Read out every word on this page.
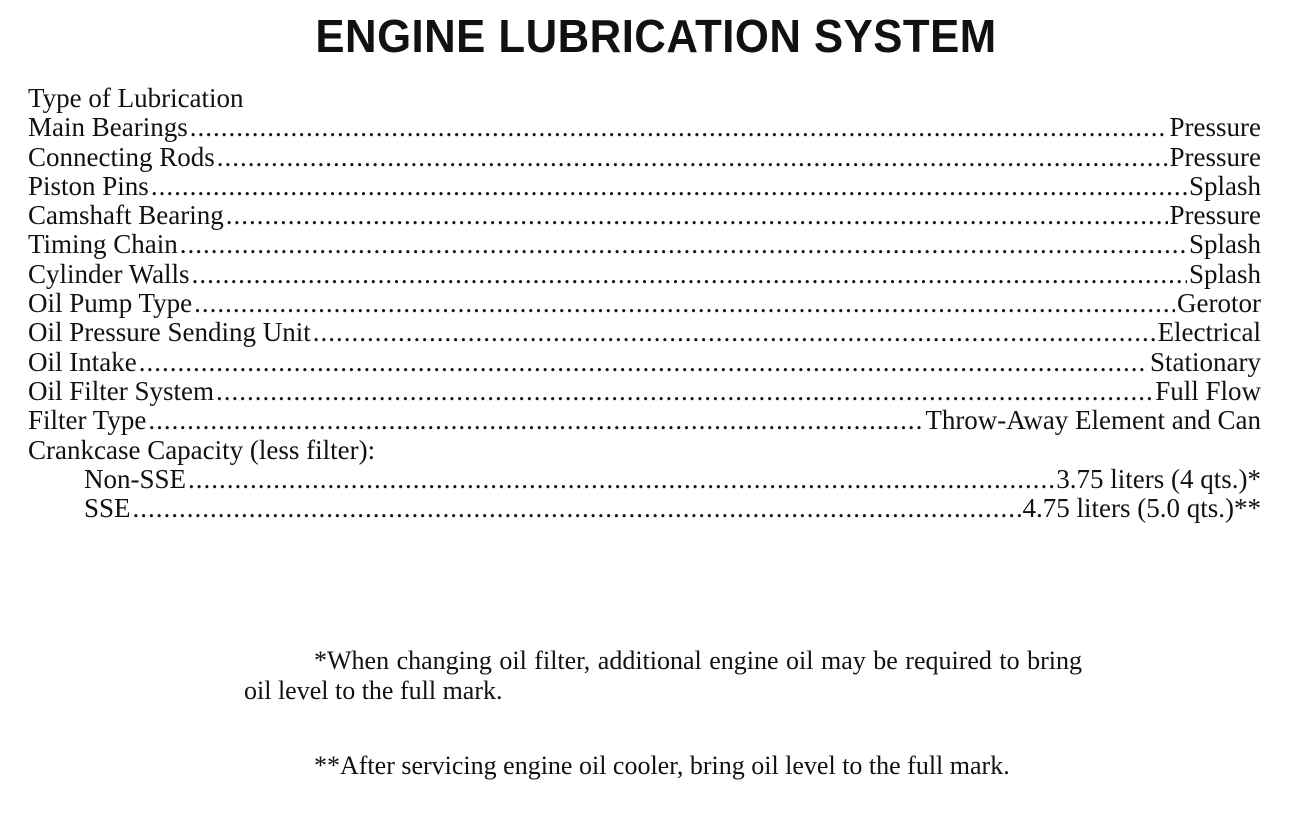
ENGINE LUBRICATION SYSTEM
Type of Lubrication
Main Bearings .....	Pressure
Connecting Rods .....	Pressure
Piston Pins .....	Splash
Camshaft Bearing .....	Pressure
Timing Chain .....	Splash
Cylinder Walls .....	Splash
Oil Pump Type .....	Gerotor
Oil Pressure Sending Unit .....	Electrical
Oil Intake .....	Stationary
Oil Filter System .....	Full Flow
Filter Type .....	Throw-Away Element and Can
Crankcase Capacity (less filter):
Non-SSE .....	3.75 liters (4 qts.)*
SSE .....	4.75 liters (5.0 qts.)**

*When changing oil filter, additional engine oil may be required to bring oil level to the full mark.

**After servicing engine oil cooler, bring oil level to the full mark.
